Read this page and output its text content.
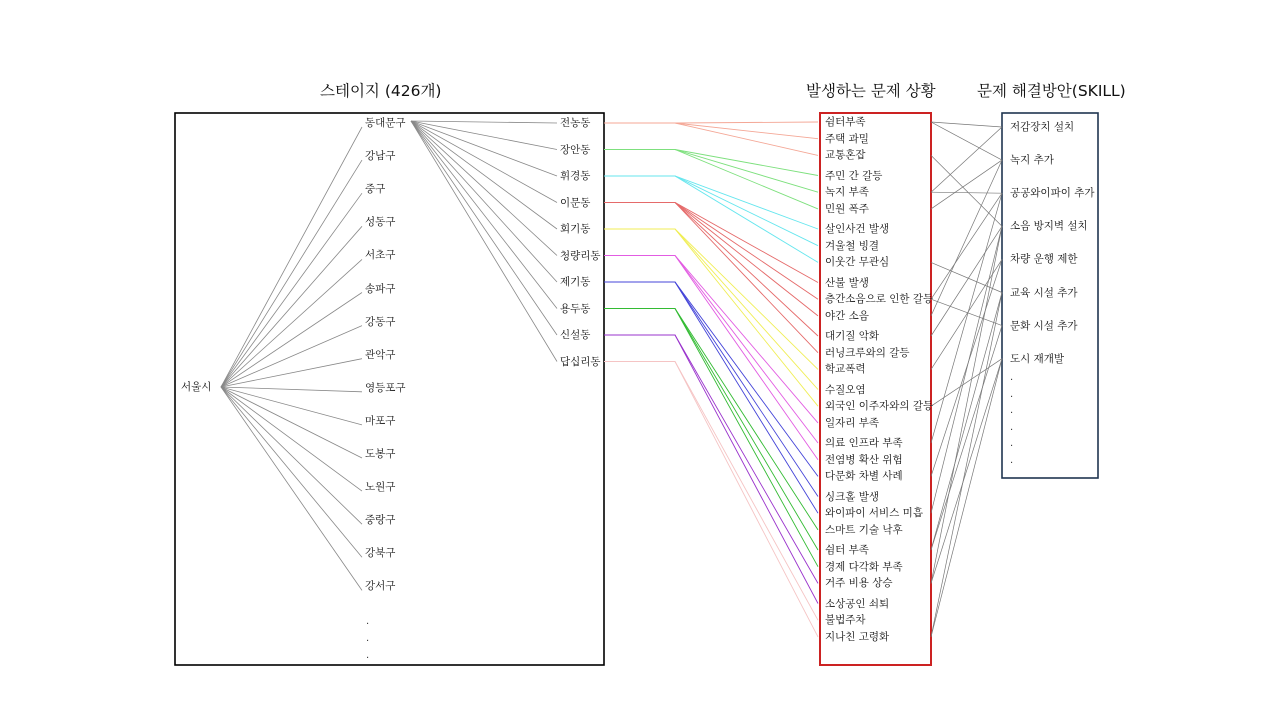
스테이지 (426개)	발생하는 문제 상황	문제 해결방안(SKILL)
서울시
동대문구
강남구
중구
성동구
서초구
송파구
강동구
관악구
영등포구
마포구
도봉구
노원구
중랑구
강북구
강서구
.
.
.
전농동
장안동
휘경동
이문동
회기동
청량리동
제기동
용두동
신설동
답십리동
쉼터부족
주택 과밀
교통혼잡
주민 간 갈등
녹지 부족
민원 폭주
살인사건 발생
겨울철 빙결
이웃간 무관심
산불 발생
층간소음으로 인한 갈등
야간 소음
대기질 악화
러닝크루와의 갈등
학교폭력
수질오염
외국인 이주자와의 갈등
일자리 부족
의료 인프라 부족
전염병 확산 위험
다문화 차별 사례
싱크홀 발생
와이파이 서비스 미흡
스마트 기술 낙후
쉼터 부족
경제 다각화 부족
거주 비용 상승
소상공인 쇠퇴
불법주차
지나친 고령화
저감장치 설치
녹지 추가
공공와이파이 추가
소음 방지벽 설치
차량 운행 제한
교육 시설 추가
문화 시설 추가
도시 재개발
.
.
.
.
.
.
